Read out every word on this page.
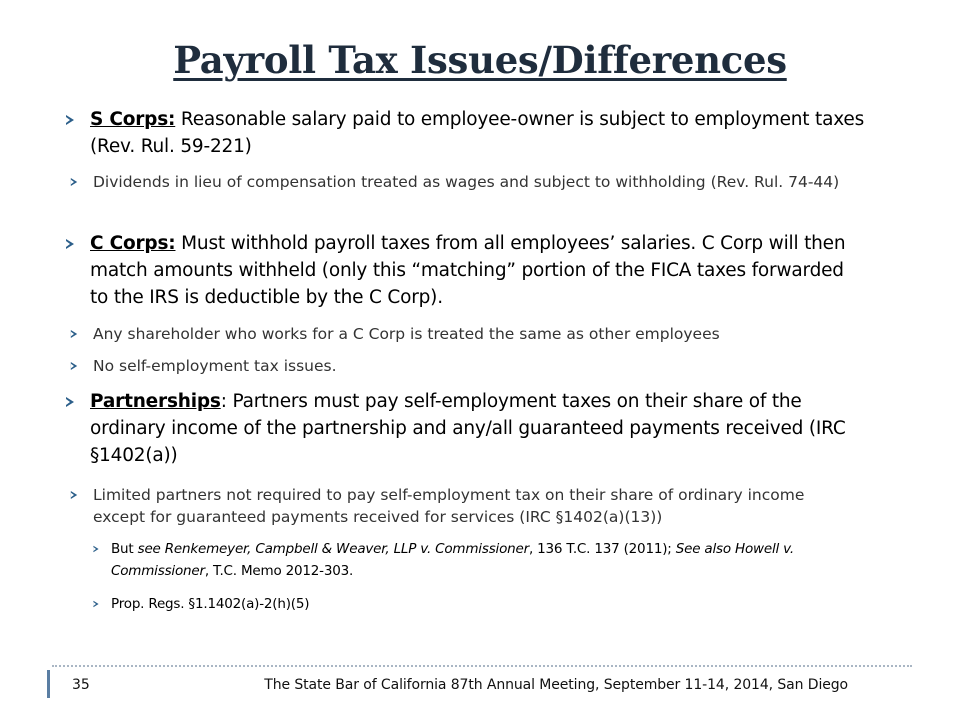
Payroll Tax Issues/Differences
S Corps: Reasonable salary paid to employee-owner is subject to employment taxes (Rev. Rul. 59-221)
Dividends in lieu of compensation treated as wages and subject to withholding (Rev. Rul. 74-44)
C Corps: Must withhold payroll taxes from all employees’ salaries. C Corp will then match amounts withheld (only this “matching” portion of the FICA taxes forwarded to the IRS is deductible by the C Corp).
Any shareholder who works for a C Corp is treated the same as other employees
No self-employment tax issues.
Partnerships: Partners must pay self-employment taxes on their share of the ordinary income of the partnership and any/all guaranteed payments received (IRC §1402(a))
Limited partners not required to pay self-employment tax on their share of ordinary income except for guaranteed payments received for services (IRC §1402(a)(13))
But see Renkemeyer, Campbell & Weaver, LLP v. Commissioner, 136 T.C. 137 (2011); See also Howell v. Commissioner, T.C. Memo 2012-303.
Prop. Regs. §1.1402(a)-2(h)(5)
35	The State Bar of California 87th Annual Meeting, September 11-14, 2014, San Diego
